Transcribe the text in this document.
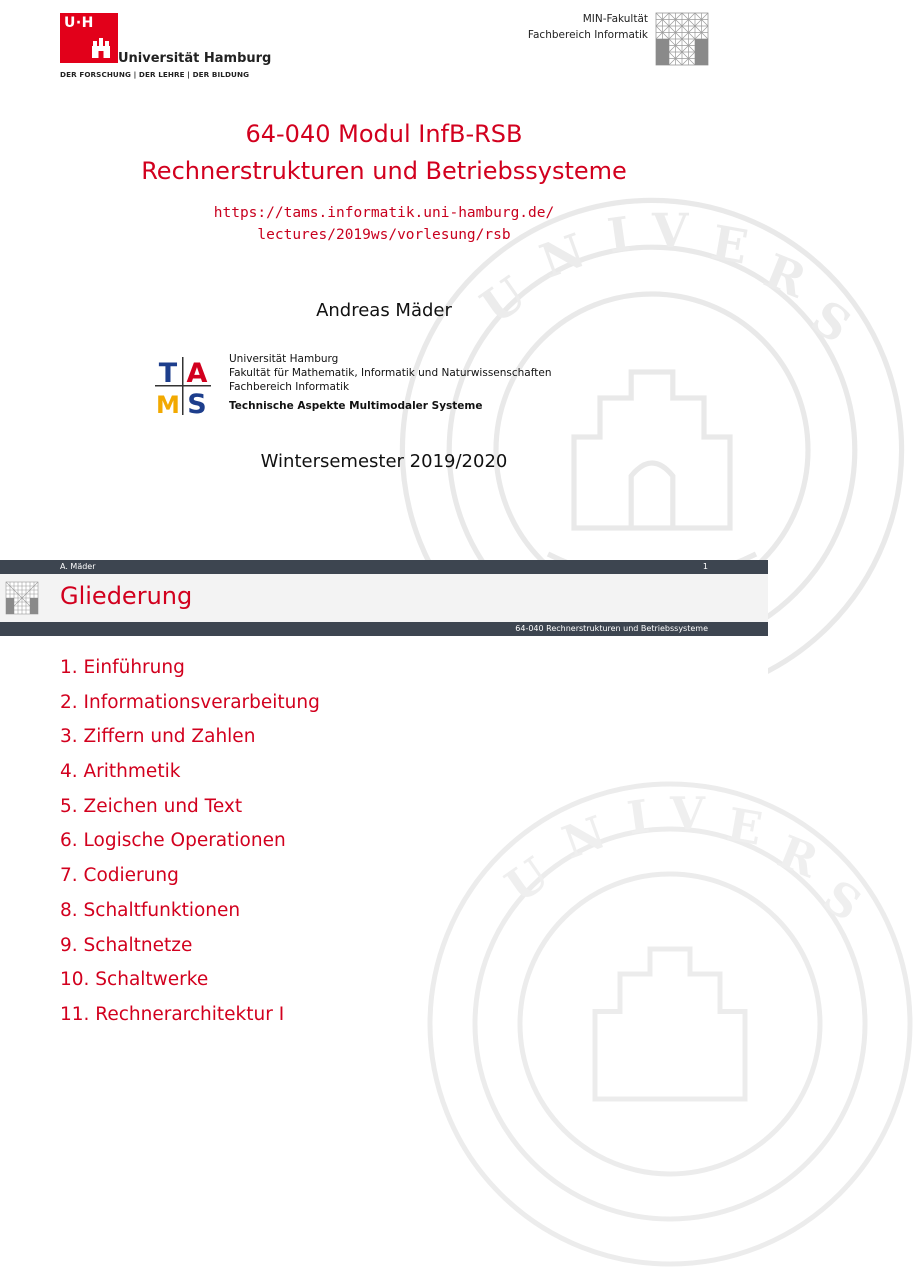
U
N I V E R
S
U·H
Universität Hamburg
DER FORSCHUNG | DER LEHRE | DER BILDUNG
MIN-Fakultät
Fachbereich Informatik
64-040 Modul InfB-RSB
Rechnerstrukturen und Betriebssysteme
https://tams.informatik.uni-hamburg.de/
lectures/2019ws/vorlesung/rsb
Andreas Mäder
T A
M S
Universität Hamburg
Fakultät für Mathematik, Informatik und Naturwissenschaften
Fachbereich Informatik
Technische Aspekte Multimodaler Systeme
Wintersemester 2019/2020
A. Mäder	1
U
N I V E R
S
Gliederung
64-040 Rechnerstrukturen und Betriebssysteme
1. Einführung
2. Informationsverarbeitung
3. Ziffern und Zahlen
4. Arithmetik
5. Zeichen und Text
6. Logische Operationen
7. Codierung
8. Schaltfunktionen
9. Schaltnetze
10. Schaltwerke
11. Rechnerarchitektur I
